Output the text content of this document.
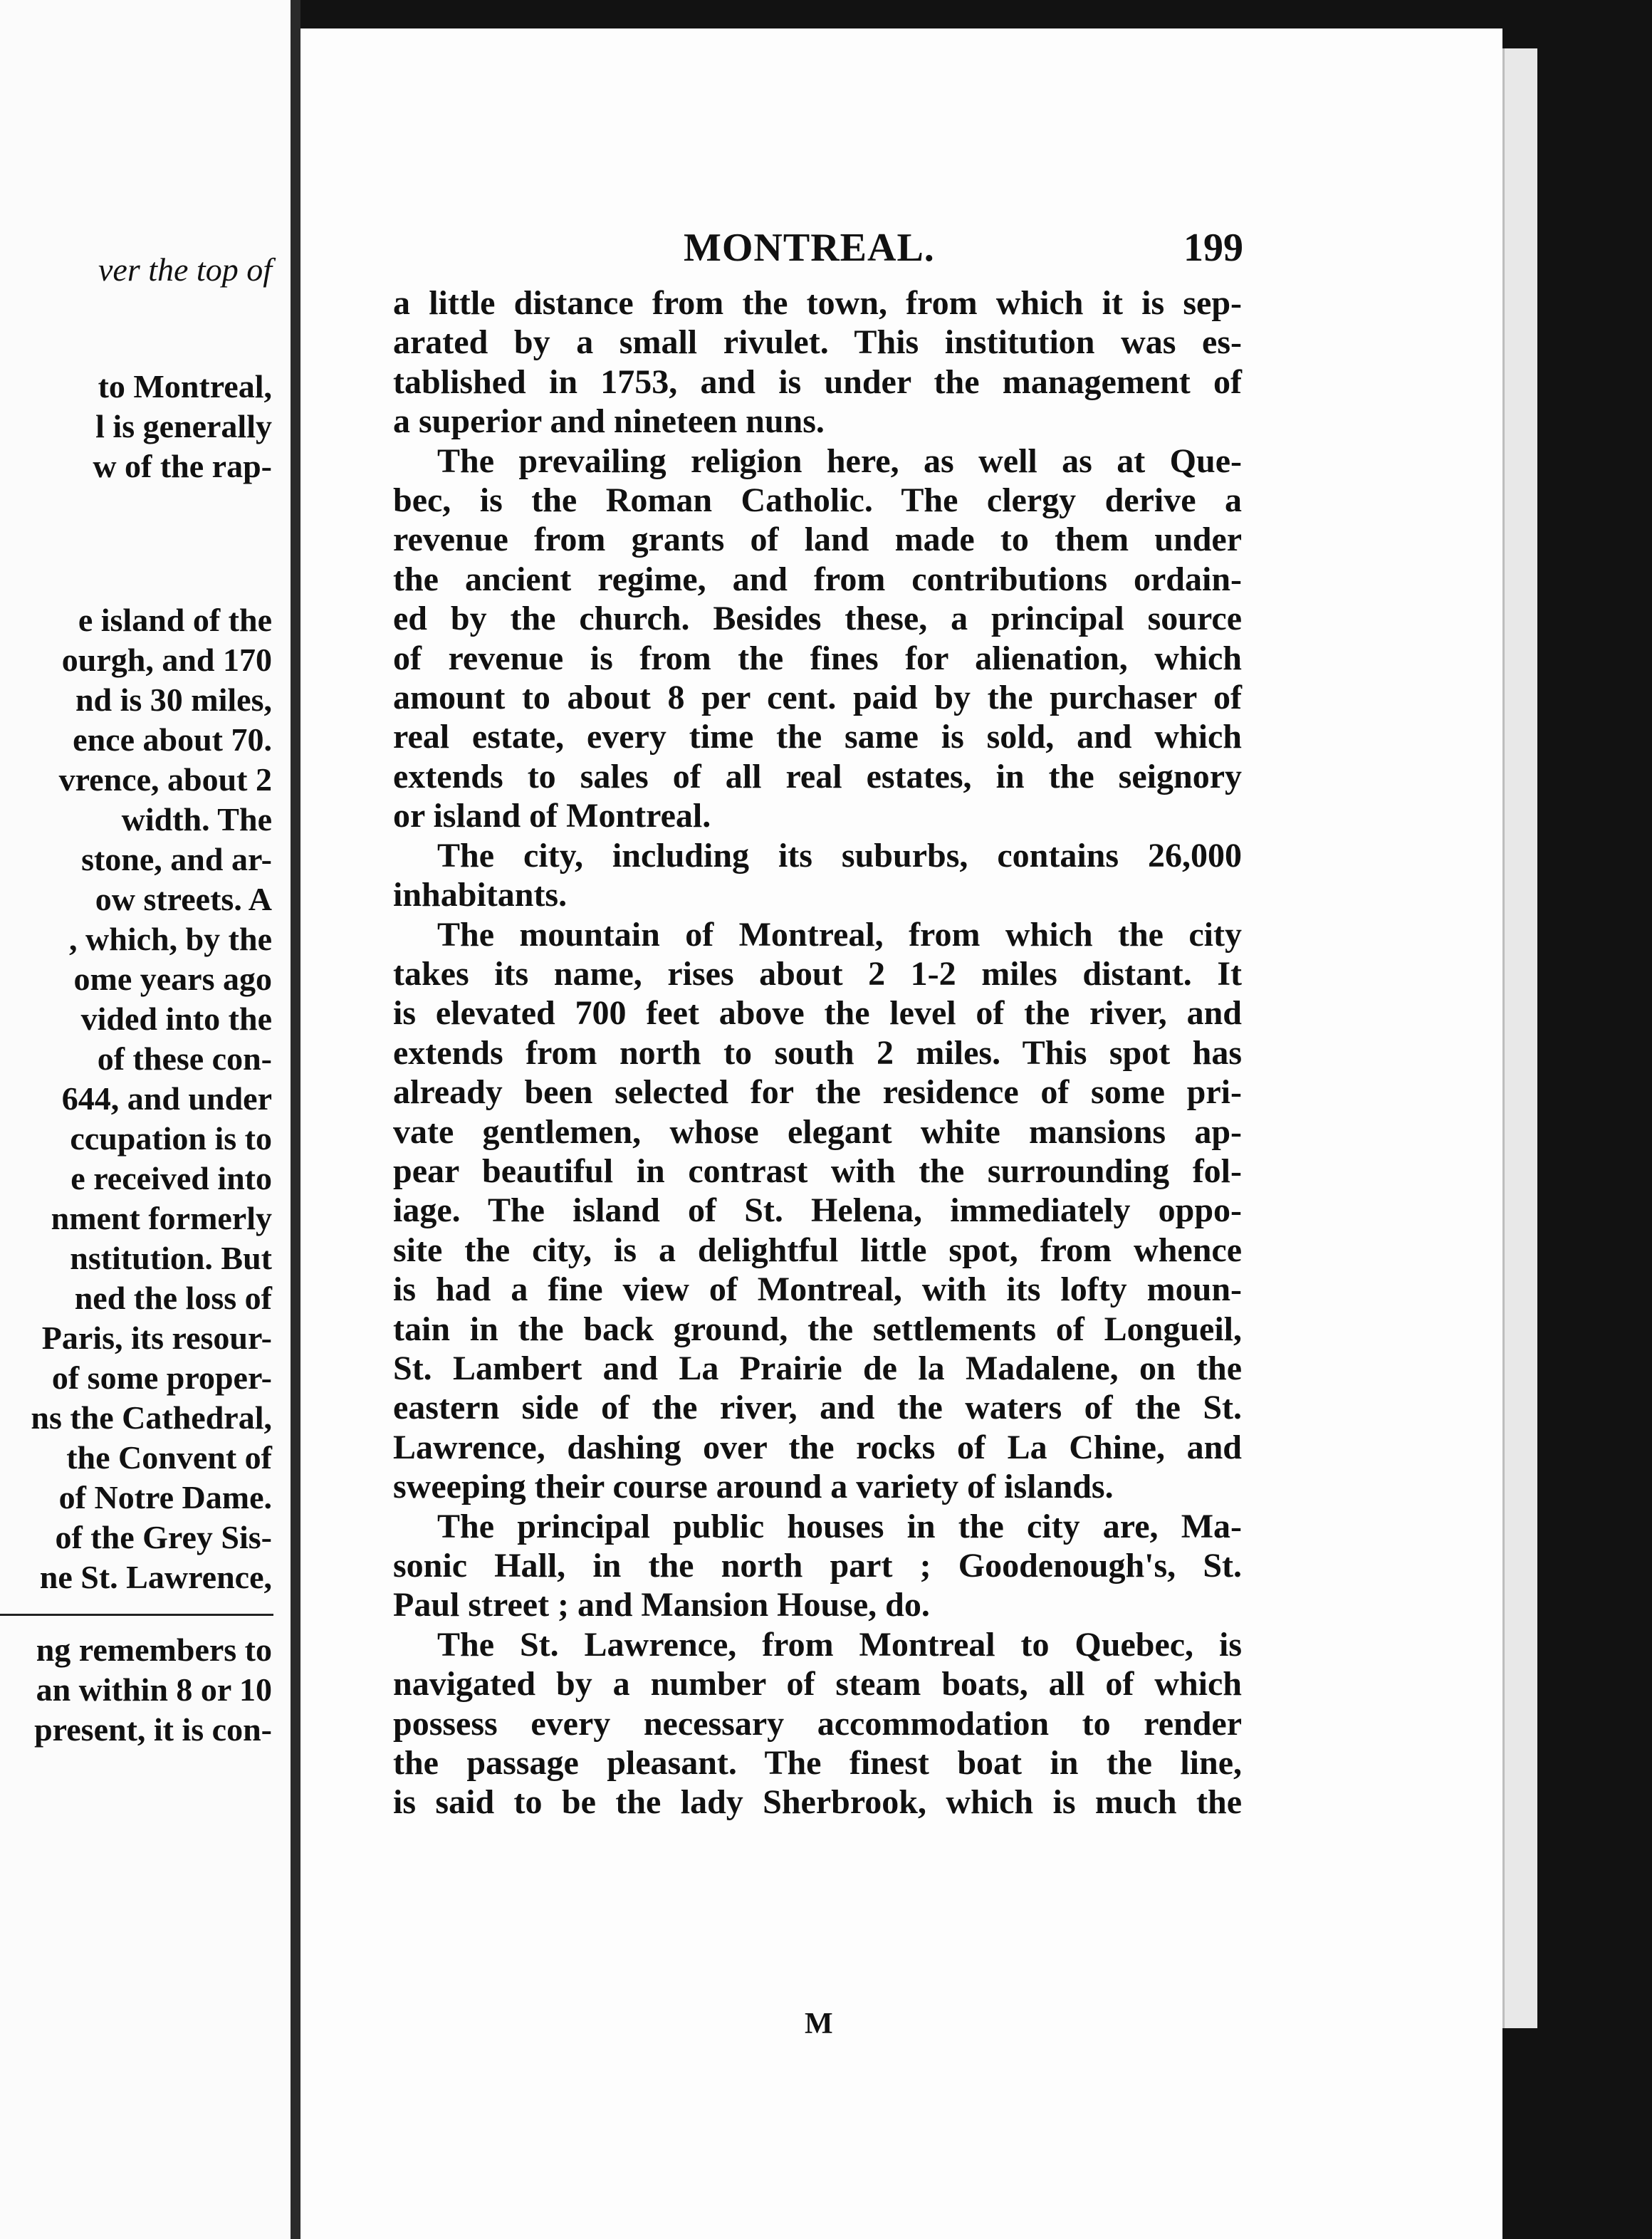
ver the top of
to Montreal,
l is generally
w of the rap-
e island of the
ourgh, and 170
nd is 30 miles,
ence about 70.
vrence, about 2
width. The
stone, and ar-
ow streets. A
, which, by the
ome years ago
vided into the
of these con-
644, and under
ccupation is to
e received into
nment formerly
nstitution. But
ned the loss of
Paris, its resour-
of some proper-
ns the Cathedral,
the Convent of
of Notre Dame.
of the Grey Sis-
ne St. Lawrence,
ng remembers to
an within 8 or 10
present, it is con-
MONTREAL.	199
a little distance from the town, from which it is sep-
arated by a small rivulet. This institution was es-
tablished in 1753, and is under the management of
a superior and nineteen nuns.
The prevailing religion here, as well as at Que-
bec, is the Roman Catholic. The clergy derive a
revenue from grants of land made to them under
the ancient regime, and from contributions ordain-
ed by the church. Besides these, a principal source
of revenue is from the fines for alienation, which
amount to about 8 per cent. paid by the purchaser of
real estate, every time the same is sold, and which
extends to sales of all real estates, in the seignory
or island of Montreal.
The city, including its suburbs, contains 26,000
inhabitants.
The mountain of Montreal, from which the city
takes its name, rises about 2 1-2 miles distant. It
is elevated 700 feet above the level of the river, and
extends from north to south 2 miles. This spot has
already been selected for the residence of some pri-
vate gentlemen, whose elegant white mansions ap-
pear beautiful in contrast with the surrounding fol-
iage. The island of St. Helena, immediately oppo-
site the city, is a delightful little spot, from whence
is had a fine view of Montreal, with its lofty moun-
tain in the back ground, the settlements of Longueil,
St. Lambert and La Prairie de la Madalene, on the
eastern side of the river, and the waters of the St.
Lawrence, dashing over the rocks of La Chine, and
sweeping their course around a variety of islands.
The principal public houses in the city are, Ma-
sonic Hall, in the north part ; Goodenough's, St.
Paul street ; and Mansion House, do.
The St. Lawrence, from Montreal to Quebec, is
navigated by a number of steam boats, all of which
possess every necessary accommodation to render
the passage pleasant. The finest boat in the line,
is said to be the lady Sherbrook, which is much the
M
